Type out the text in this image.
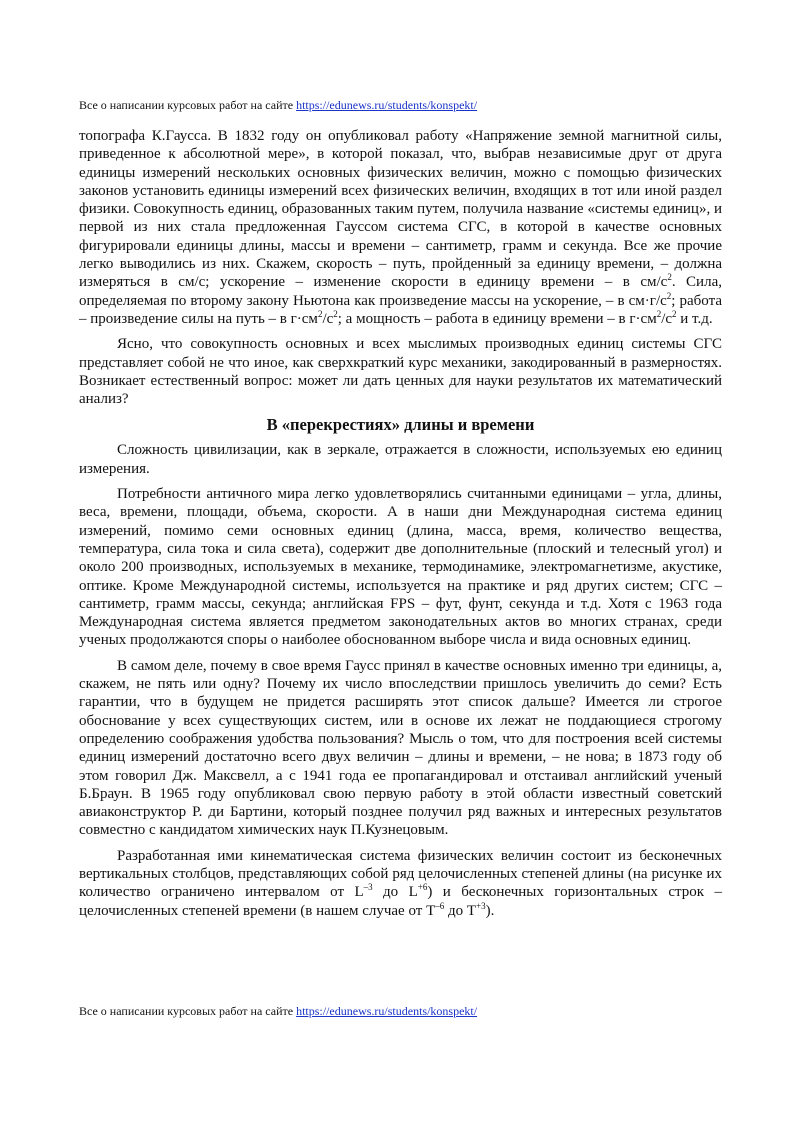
Все о написании курсовых работ на сайте https://edunews.ru/students/konspekt/

топографа К.Гаусса. В 1832 году он опубликовал работу «Напряжение земной магнитной силы, приведенное к абсолютной мере», в которой показал, что, выбрав независимые друг от друга единицы измерений нескольких основных физических величин, можно с помощью физических законов установить единицы измерений всех физических величин, входящих в тот или иной раздел физики. Совокупность единиц, образованных таким путем, получила название «системы единиц», и первой из них стала предложенная Гауссом система СГС, в которой в качестве основных фигурировали единицы длины, массы и времени – сантиметр, грамм и секунда. Все же прочие легко выводились из них. Скажем, скорость – путь, пройденный за единицу времени, – должна измеряться в см/с; ускорение – изменение скорости в единицу времени – в $см/с^2$. Сила, определяемая по второму закону Ньютона как произведение массы на ускорение, – в $см\cdot г/с^2$; работа – произведение силы на путь – в $г\cdot см^2/с^2$; а мощность – работа в единицу времени – в $г\cdot см^2/с^2$ и т.д.

Ясно, что совокупность основных и всех мыслимых производных единиц системы СГС представляет собой не что иное, как сверхкраткий курс механики, закодированный в размерностях. Возникает естественный вопрос: может ли дать ценных для науки результатов их математический анализ?

В «перекрестиях» длины и времени

Сложность цивилизации, как в зеркале, отражается в сложности, используемых ею единиц измерения.

Потребности античного мира легко удовлетворялись считанными единицами – угла, длины, веса, времени, площади, объема, скорости. А в наши дни Международная система единиц измерений, помимо семи основных единиц (длина, масса, время, количество вещества, температура, сила тока и сила света), содержит две дополнительные (плоский и телесный угол) и около 200 производных, используемых в механике, термодинамике, электромагнетизме, акустике, оптике. Кроме Международной системы, используется на практике и ряд других систем; СГС – сантиметр, грамм массы, секунда; английская FPS – фут, фунт, секунда и т.д. Хотя с 1963 года Международная система является предметом законодательных актов во многих странах, среди ученых продолжаются споры о наиболее обоснованном выборе числа и вида основных единиц.

В самом деле, почему в свое время Гаусс принял в качестве основных именно три единицы, а, скажем, не пять или одну? Почему их число впоследствии пришлось увеличить до семи? Есть гарантии, что в будущем не придется расширять этот список дальше? Имеется ли строгое обоснование у всех существующих систем, или в основе их лежат не поддающиеся строгому определению соображения удобства пользования? Мысль о том, что для построения всей системы единиц измерений достаточно всего двух величин – длины и времени, – не нова; в 1873 году об этом говорил Дж. Максвелл, а с 1941 года ее пропагандировал и отстаивал английский ученый Б.Браун. В 1965 году опубликовал свою первую работу в этой области известный советский авиаконструктор Р. ди Бартини, который позднее получил ряд важных и интересных результатов совместно с кандидатом химических наук П.Кузнецовым.

Разработанная ими кинематическая система физических величин состоит из бесконечных вертикальных столбцов, представляющих собой ряд целочисленных степеней длины (на рисунке их количество ограничено интервалом от $L^{-3}$ до $L^{+6}$) и бесконечных горизонтальных строк – целочисленных степеней времени (в нашем случае от $T^{-6}$ до $T^{+3}$).

Все о написании курсовых работ на сайте https://edunews.ru/students/konspekt/
